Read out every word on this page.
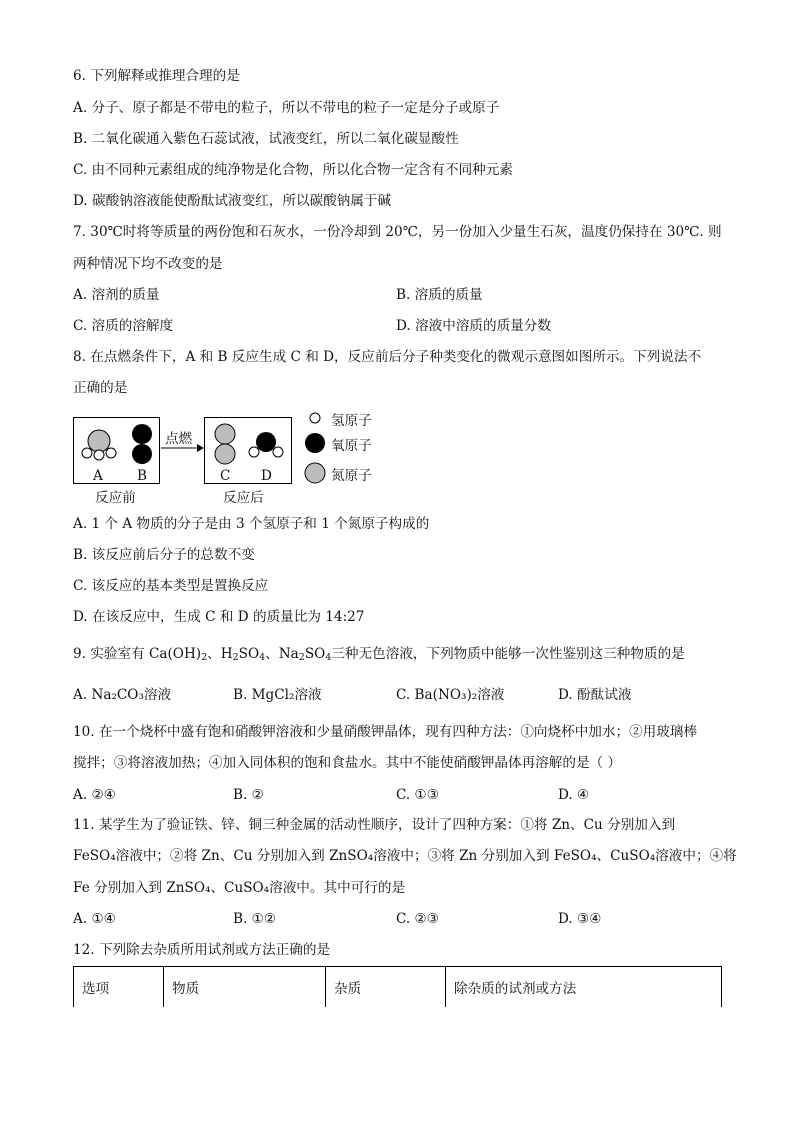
6. 下列解释或推理合理的是
A. 分子、原子都是不带电的粒子，所以不带电的粒子一定是分子或原子
B. 二氧化碳通入紫色石蕊试液，试液变红，所以二氧化碳显酸性
C. 由不同种元素组成的纯净物是化合物，所以化合物一定含有不同种元素
D. 碳酸钠溶液能使酚酞试液变红，所以碳酸钠属于碱
7. 30℃时将等质量的两份饱和石灰水，一份冷却到 20℃，另一份加入少量生石灰，温度仍保持在 30℃. 则
两种情况下均不改变的是
A. 溶剂的质量	B. 溶质的质量
C. 溶质的溶解度	D. 溶液中溶质的质量分数
8. 在点燃条件下，A 和 B 反应生成 C 和 D，反应前后分子种类变化的微观示意图如图所示。下列说法不
正确的是
点燃
A	B	C D
反应前	反应后
氢原子
氧原子
氮原子
A. 1 个 A 物质的分子是由 3 个氢原子和 1 个氮原子构成的
B. 该反应前后分子的总数不变
C. 该反应的基本类型是置换反应
D. 在该反应中，生成 C 和 D 的质量比为 14:27
9. 实验室有 $Ca(OH)_2$、$H_2SO_4$、$Na_2SO_4$三种无色溶液，下列物质中能够一次性鉴别这三种物质的是
A. Na₂CO₃溶液	B. MgCl₂溶液	C. Ba(NO₃)₂溶液	D. 酚酞试液
10. 在一个烧杯中盛有饱和硝酸钾溶液和少量硝酸钾晶体，现有四种方法：①向烧杯中加水；②用玻璃棒
搅拌；③将溶液加热；④加入同体积的饱和食盐水。其中不能使硝酸钾晶体再溶解的是（ ）
A. ②④	B. ②	C. ①③	D. ④
11. 某学生为了验证铁、锌、铜三种金属的活动性顺序，设计了四种方案：①将 Zn、Cu 分别加入到
FeSO₄溶液中；②将 Zn、Cu 分别加入到 ZnSO₄溶液中；③将 Zn 分别加入到 FeSO₄、CuSO₄溶液中；④将
Fe 分别加入到 ZnSO₄、CuSO₄溶液中。其中可行的是
A. ①④	B. ①②	C. ②③	D. ③④
12. 下列除去杂质所用试剂或方法正确的是
选项	物质	杂质	除杂质的试剂或方法
